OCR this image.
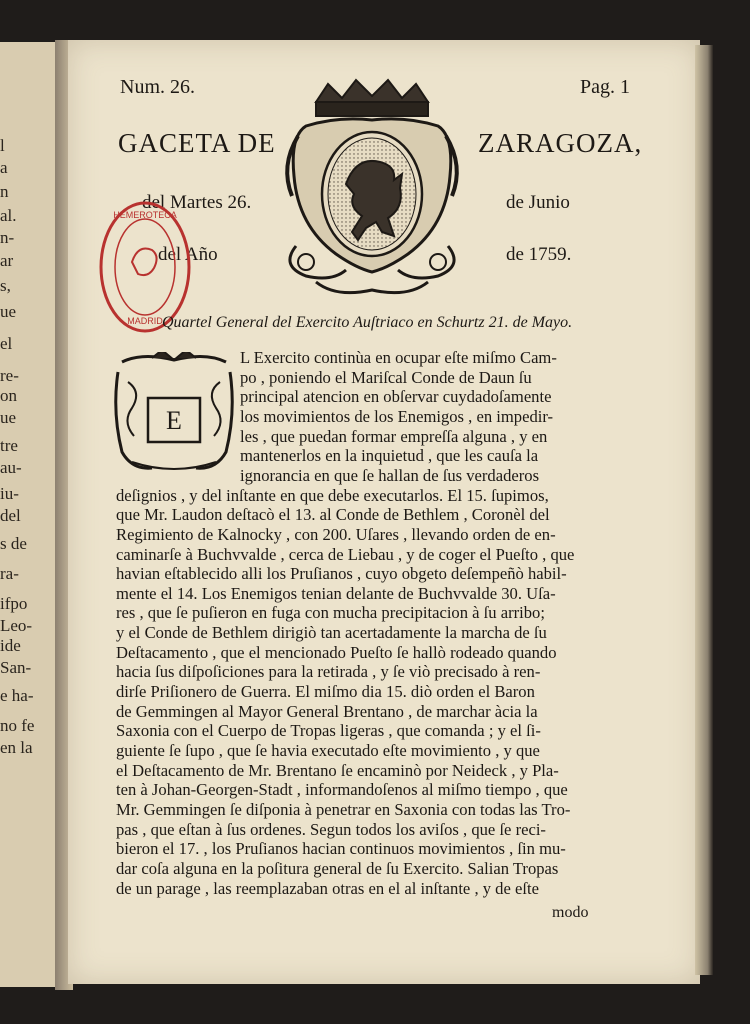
l
a
n
al.
n-
ar
s,
ue
el
re-
on
ue
tre
au-
iu-
del
s de
ra-
ifpo
Leo-
ide
San-
e ha-
no fe
en la
Num. 26.	Pag. 1
GACETA DE	ZARAGOZA,
del Martes 26.	de Junio
del Año	de 1759.
HEMEROTECA
MADRID Quartel General del Exercito Auſtriaco en Schurtz 21. de Mayo.
E
L Exercito continùa en ocupar eſte miſmo Cam-
po , poniendo el Mariſcal Conde de Daun ſu
principal atencion en obſervar cuydadoſamente
los movimientos de los Enemigos , en impedir-
les , que puedan formar empreſſa alguna , y en
mantenerlos en la inquietud , que les cauſa la
ignorancia en que ſe hallan de ſus verdaderos
deſignios , y del inſtante en que debe executarlos. El 15. ſupimos,
que Mr. Laudon deſtacò el 13. al Conde de Bethlem , Coronèl del
Regimiento de Kalnocky , con 200. Uſares , llevando orden de en-
caminarſe à Buchvvalde , cerca de Liebau , y de coger el Pueſto , que
havian eſtablecido alli los Pruſianos , cuyo obgeto deſempeñò habil-
mente el 14. Los Enemigos tenian delante de Buchvvalde 30. Uſa-
res , que ſe puſieron en fuga con mucha precipitacion à ſu arribo;
y el Conde de Bethlem dirigiò tan acertadamente la marcha de ſu
Deſtacamento , que el mencionado Pueſto ſe hallò rodeado quando
hacia ſus diſpoſiciones para la retirada , y ſe viò precisado à ren-
dirſe Priſionero de Guerra. El miſmo dia 15. diò orden el Baron
de Gemmingen al Mayor General Brentano , de marchar àcia la
Saxonia con el Cuerpo de Tropas ligeras , que comanda ; y el ſi-
guiente ſe ſupo , que ſe havia executado eſte movimiento , y que
el Deſtacamento de Mr. Brentano ſe encaminò por Neideck , y Pla-
ten à Johan-Georgen-Stadt , informandoſenos al miſmo tiempo , que
Mr. Gemmingen ſe diſponia à penetrar en Saxonia con todas las Tro-
pas , que eſtan à ſus ordenes. Segun todos los aviſos , que ſe reci-
bieron el 17. , los Pruſianos hacian continuos movimientos , ſin mu-
dar coſa alguna en la poſitura general de ſu Exercito. Salian Tropas
de un parage , las reemplazaban otras en el al inſtante , y de eſte
modo
